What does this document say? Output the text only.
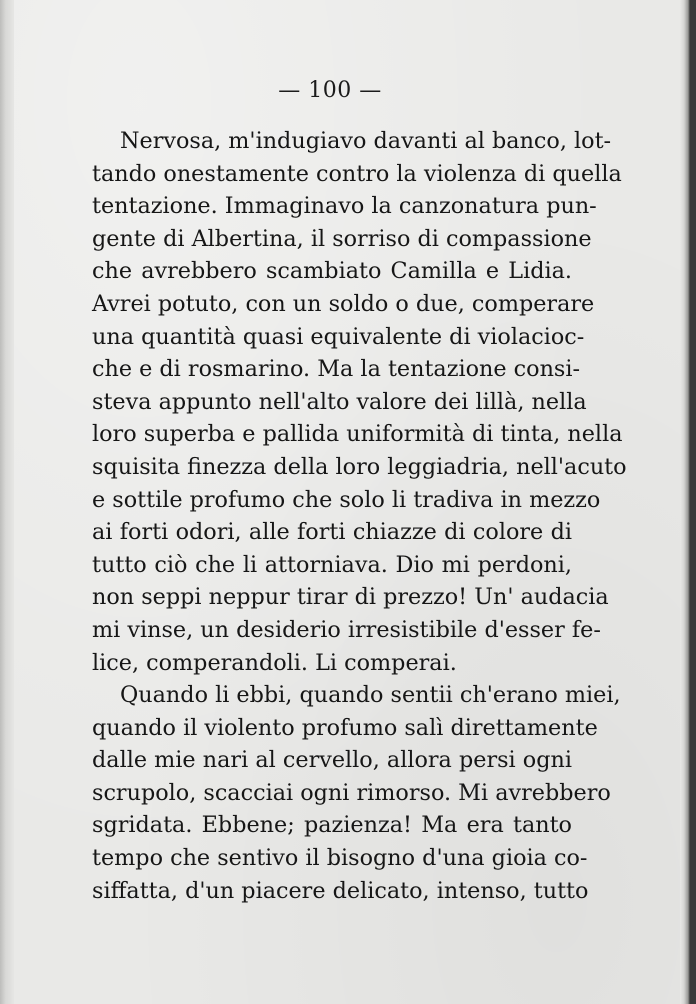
— 100 —
Nervosa, m'indugiavo davanti al banco, lot-
tando onestamente contro la violenza di quella
tentazione. Immaginavo la canzonatura pun-
gente di Albertina, il sorriso di compassione
che avrebbero scambiato Camilla e Lidia.
Avrei potuto, con un soldo o due, comperare
una quantità quasi equivalente di violacioc-
che e di rosmarino. Ma la tentazione consi-
steva appunto nell'alto valore dei lillà, nella
loro superba e pallida uniformità di tinta, nella
squisita finezza della loro leggiadria, nell'acuto
e sottile profumo che solo li tradiva in mezzo
ai forti odori, alle forti chiazze di colore di
tutto ciò che li attorniava. Dio mi perdoni,
non seppi neppur tirar di prezzo! Un' audacia
mi vinse, un desiderio irresistibile d'esser fe-
lice, comperandoli. Li comperai.
Quando li ebbi, quando sentii ch'erano miei,
quando il violento profumo salì direttamente
dalle mie nari al cervello, allora persi ogni
scrupolo, scacciai ogni rimorso. Mi avrebbero
sgridata. Ebbene; pazienza! Ma era tanto
tempo che sentivo il bisogno d'una gioia co-
siffatta, d'un piacere delicato, intenso, tutto
